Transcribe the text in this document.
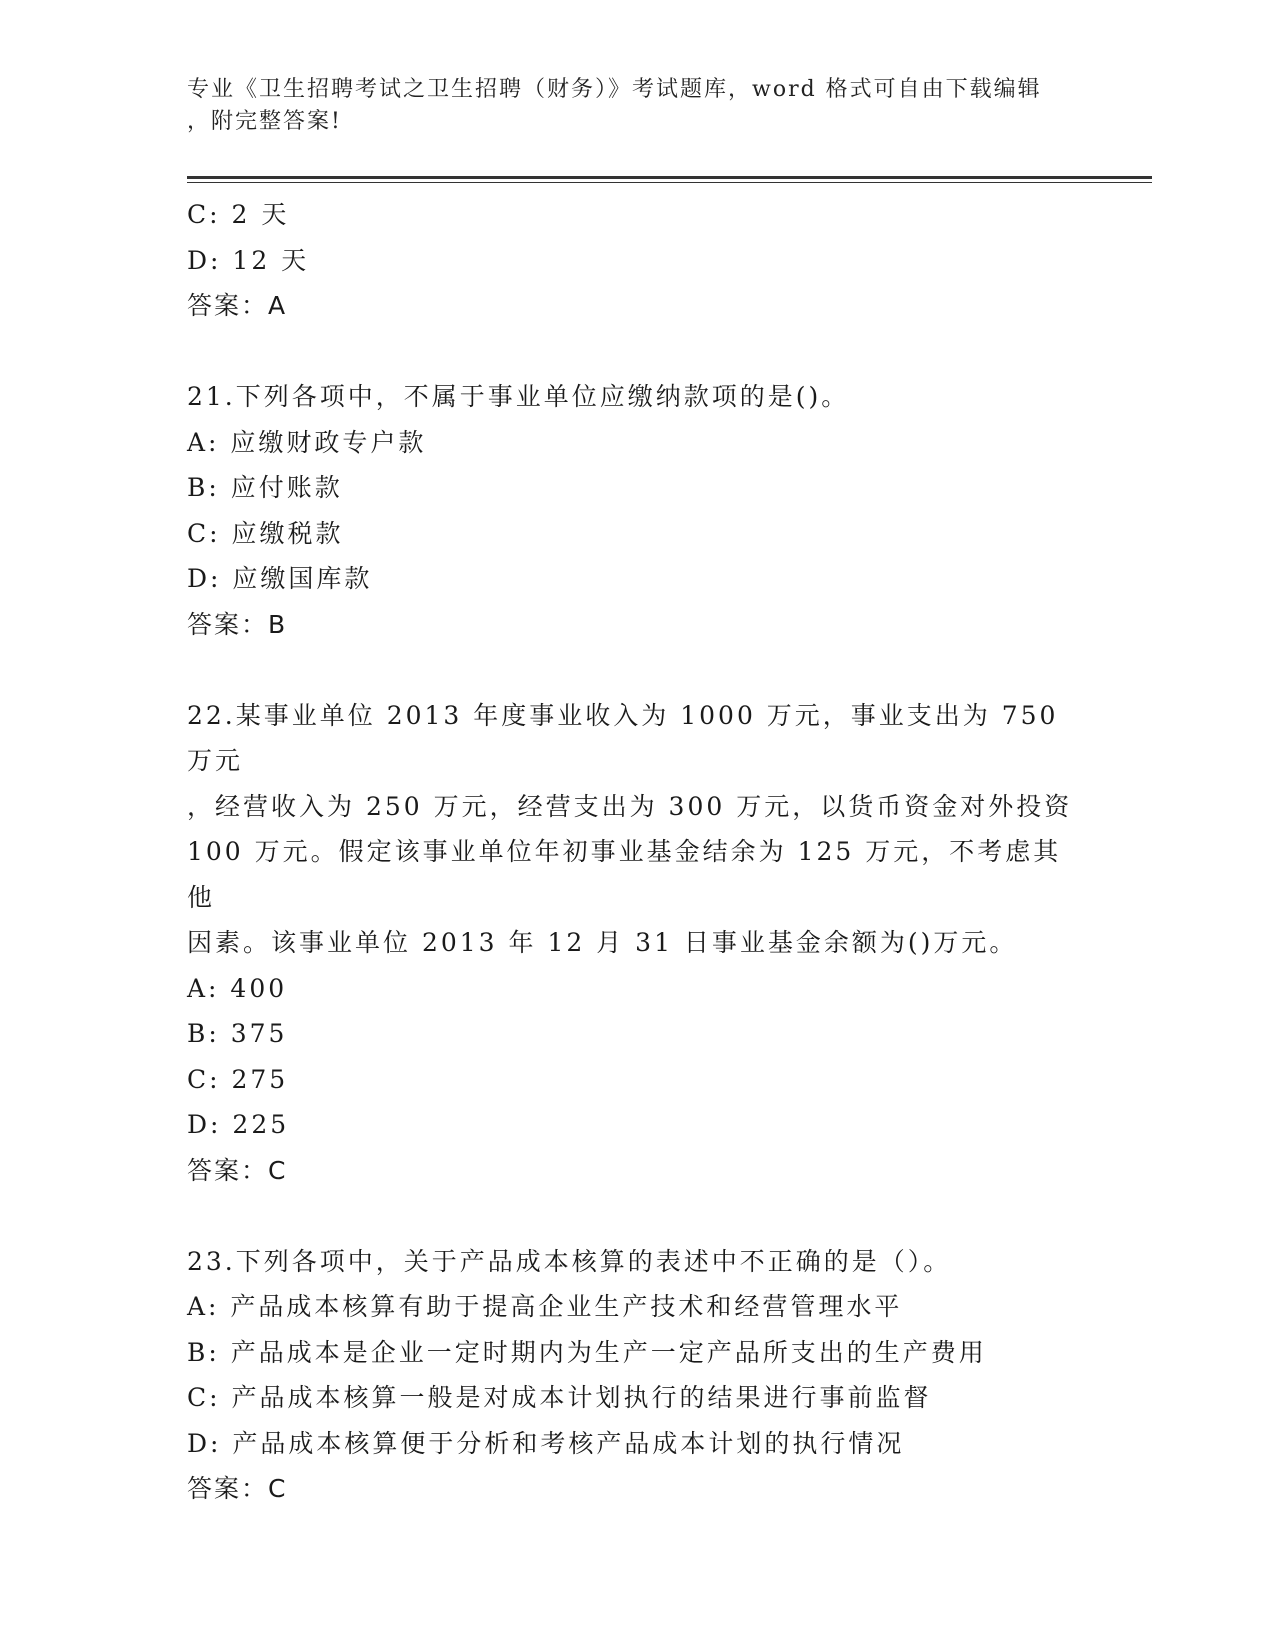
专业《卫生招聘考试之卫生招聘（财务）》考试题库，word 格式可自由下载编辑
，附完整答案!
C: 2 天
D: 12 天
答案：A
21.下列各项中，不属于事业单位应缴纳款项的是()。
A: 应缴财政专户款
B: 应付账款
C: 应缴税款
D: 应缴国库款
答案：B
22.某事业单位 2013 年度事业收入为 1000 万元，事业支出为 750 万元
，经营收入为 250 万元，经营支出为 300 万元，以货币资金对外投资
100 万元。假定该事业单位年初事业基金结余为 125 万元，不考虑其他
因素。该事业单位 2013 年 12 月 31 日事业基金余额为()万元。
A: 400
B: 375
C: 275
D: 225
答案：C
23.下列各项中，关于产品成本核算的表述中不正确的是（）。
A: 产品成本核算有助于提高企业生产技术和经营管理水平
B: 产品成本是企业一定时期内为生产一定产品所支出的生产费用
C: 产品成本核算一般是对成本计划执行的结果进行事前监督
D: 产品成本核算便于分析和考核产品成本计划的执行情况
答案：C
